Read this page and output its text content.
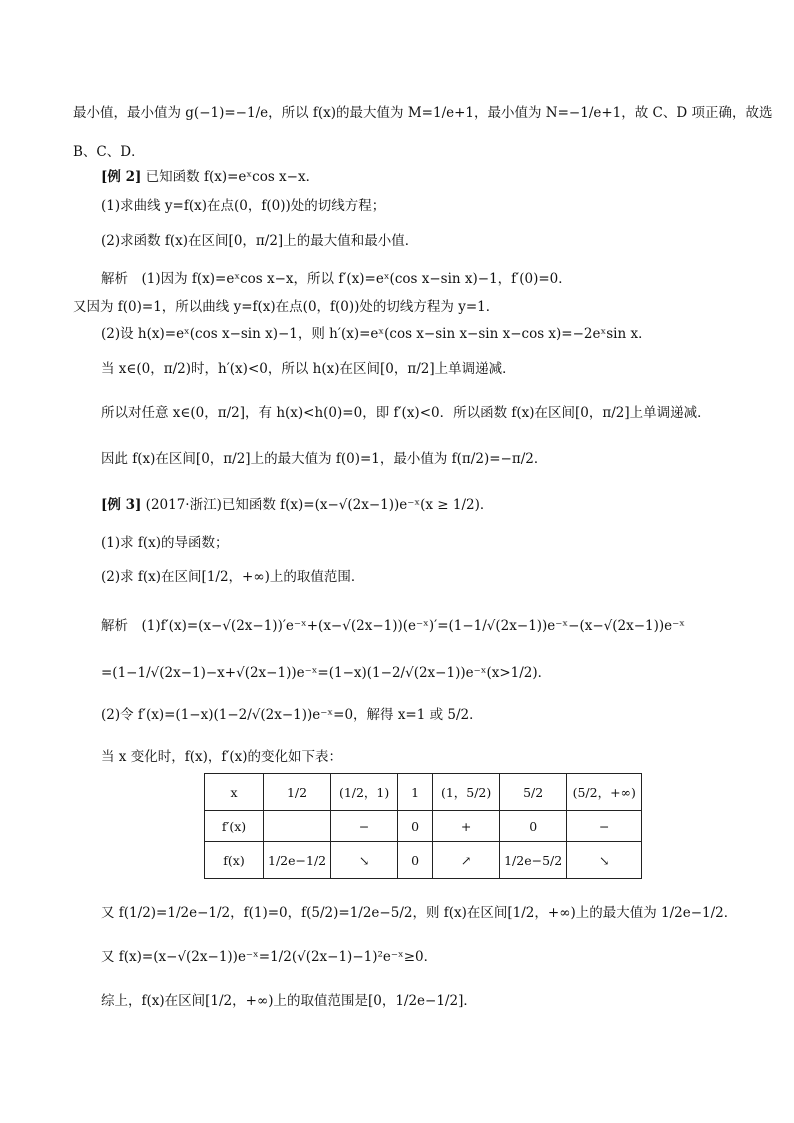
最小值，最小值为 g(−1)=−1/e，所以 f(x)的最大值为 M=1/e+1，最小值为 N=−1/e+1，故 C、D 项正确，故选
B、C、D．
[例 2] 已知函数 f(x)=eˣcos x−x．
(1)求曲线 y=f(x)在点(0，f(0))处的切线方程；
(2)求函数 f(x)在区间[0，π/2]上的最大值和最小值．
解析　(1)因为 f(x)=eˣcos x−x，所以 f′(x)=eˣ(cos x−sin x)−1，f′(0)=0．
又因为 f(0)=1，所以曲线 y=f(x)在点(0，f(0))处的切线方程为 y=1．
(2)设 h(x)=eˣ(cos x−sin x)−1，则 h′(x)=eˣ(cos x−sin x−sin x−cos x)=−2eˣsin x．
当 x∈(0，π/2)时，h′(x)<0，所以 h(x)在区间[0，π/2]上单调递减．
所以对任意 x∈(0，π/2]，有 h(x)<h(0)=0，即 f′(x)<0．所以函数 f(x)在区间[0，π/2]上单调递减．
因此 f(x)在区间[0，π/2]上的最大值为 f(0)=1，最小值为 f(π/2)=−π/2．
[例 3] (2017·浙江)已知函数 f(x)=(x−√(2x−1))e⁻ˣ(x ≥ 1/2)．
(1)求 f(x)的导函数；
(2)求 f(x)在区间[1/2，+∞)上的取值范围．
解析　(1)f′(x)=(x−√(2x−1))′e⁻ˣ+(x−√(2x−1))(e⁻ˣ)′=(1−1/√(2x−1))e⁻ˣ−(x−√(2x−1))e⁻ˣ
=(1−1/√(2x−1)−x+√(2x−1))e⁻ˣ=(1−x)(1−2/√(2x−1))e⁻ˣ(x>1/2)．
(2)令 f′(x)=(1−x)(1−2/√(2x−1))e⁻ˣ=0，解得 x=1 或 5/2．
当 x 变化时，f(x)，f′(x)的变化如下表：
x	1/2	(1/2，1)	1	(1，5/2)	5/2	(5/2，+∞)
f′(x)		−	0	+	0	−
f(x)	1/2e−1/2	↘	0	↗	1/2e−5/2	↘
又 f(1/2)=1/2e−1/2，f(1)=0，f(5/2)=1/2e−5/2，则 f(x)在区间[1/2，+∞)上的最大值为 1/2e−1/2．
又 f(x)=(x−√(2x−1))e⁻ˣ=1/2(√(2x−1)−1)²e⁻ˣ≥0．
综上，f(x)在区间[1/2，+∞)上的取值范围是[0，1/2e−1/2]．
